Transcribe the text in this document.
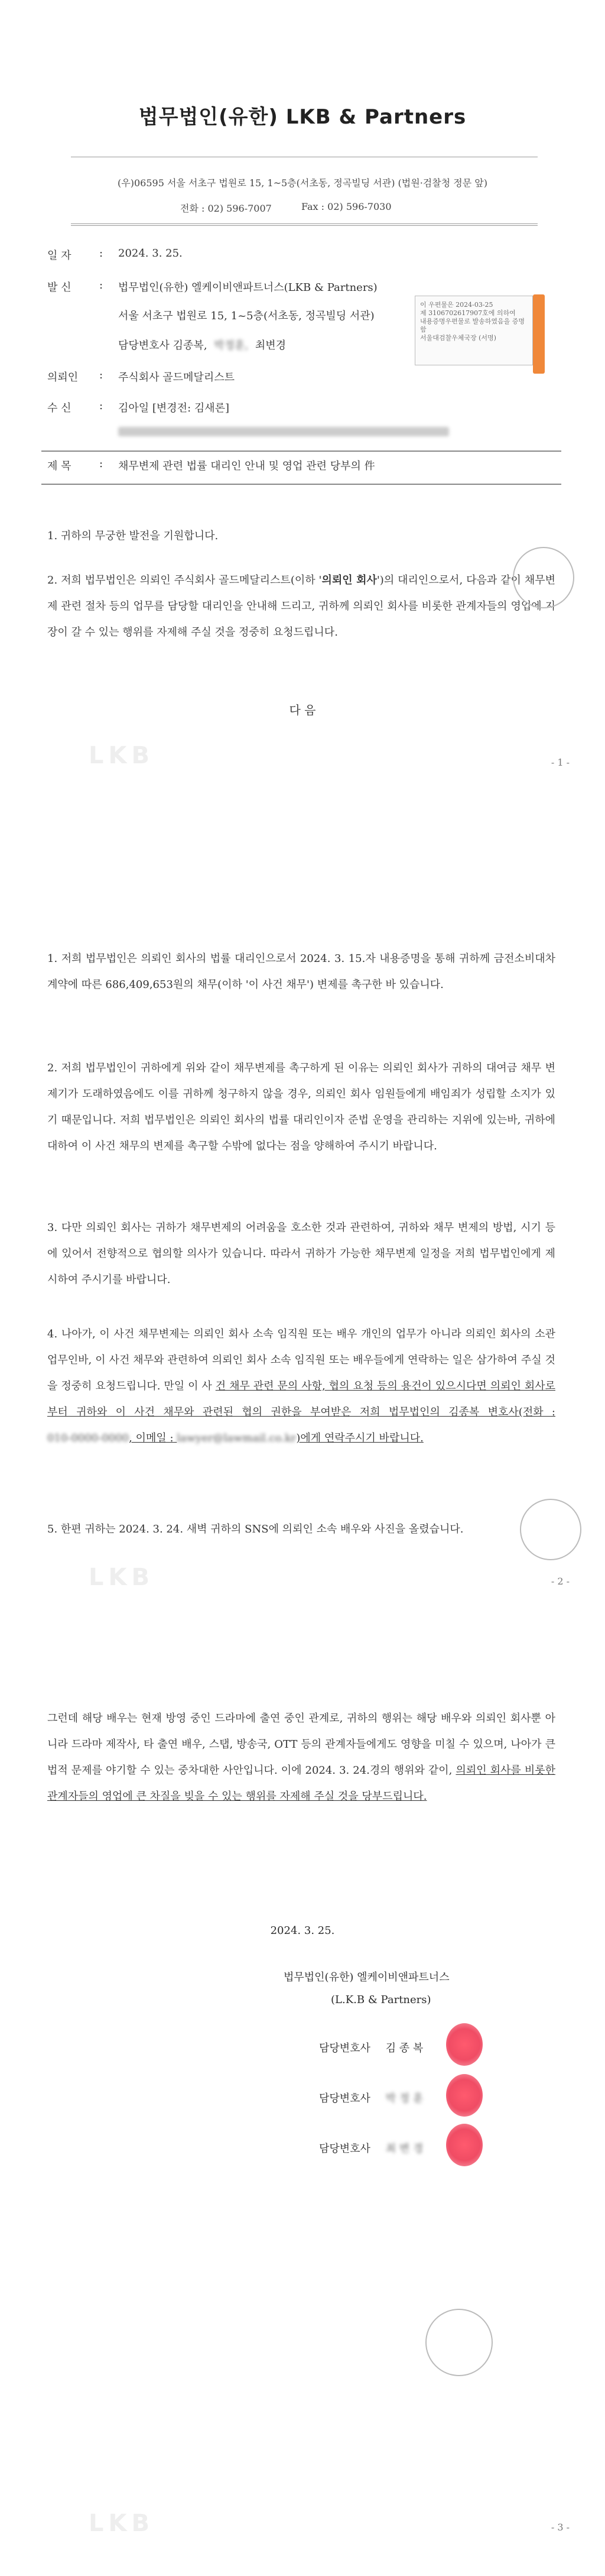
법무법인(유한) LKB & Partners
(우)06595 서울 서초구 법원로 15, 1~5층(서초동, 정곡빌딩 서관) (법원·검찰청 정문 앞)
전화 : 02) 596-7007	Fax : 02) 596-7030
일 자	: 2024. 3. 25.
발 신	: 법무법인(유한) 엘케이비앤파트너스(LKB & Partners)
서울 서초구 법원로 15, 1~5층(서초동, 정곡빌딩 서관)
담당변호사 김종복, 박정훈, 최변경
의뢰인	: 주식회사 골드메달리스트
수 신	: 김아일 [변경전: 김새론]
제 목	: 채무변제 관련 법률 대리인 안내 및 영업 관련 당부의 件
이 우편물은 2024-03-25
제 3106702617907호에 의하여
내용증명우편물로 발송하였음을 증명함
서울대검찰우체국장 (서명)
1. 귀하의 무궁한 발전을 기원합니다.
2. 저희 법무법인은 의뢰인 주식회사 골드메달리스트(이하 '의뢰인 회사')의 대리인으로서, 다음과 같이 채무변제 관련 절차 등의 업무를 담당할 대리인을 안내해 드리고, 귀하께 의뢰인 회사를 비롯한 관계자들의 영업에 지장이 갈 수 있는 행위를 자제해 주실 것을 정중히 요청드립니다.
다 음
LKB	- 1 -
1. 저희 법무법인은 의뢰인 회사의 법률 대리인으로서 2024. 3. 15.자 내용증명을 통해 귀하께 금전소비대차계약에 따른 686,409,653원의 채무(이하 '이 사건 채무') 변제를 촉구한 바 있습니다.
2. 저희 법무법인이 귀하에게 위와 같이 채무변제를 촉구하게 된 이유는 의뢰인 회사가 귀하의 대여금 채무 변제기가 도래하였음에도 이를 귀하께 청구하지 않을 경우, 의뢰인 회사 임원들에게 배임죄가 성립할 소지가 있기 때문입니다. 저희 법무법인은 의뢰인 회사의 법률 대리인이자 준법 운영을 관리하는 지위에 있는바, 귀하에 대하여 이 사건 채무의 변제를 촉구할 수밖에 없다는 점을 양해하여 주시기 바랍니다.
3. 다만 의뢰인 회사는 귀하가 채무변제의 어려움을 호소한 것과 관련하여, 귀하와 채무 변제의 방법, 시기 등에 있어서 전향적으로 협의할 의사가 있습니다. 따라서 귀하가 가능한 채무변제 일정을 저희 법무법인에게 제시하여 주시기를 바랍니다.
4. 나아가, 이 사건 채무변제는 의뢰인 회사 소속 임직원 또는 배우 개인의 업무가 아니라 의뢰인 회사의 소관 업무인바, 이 사건 채무와 관련하여 의뢰인 회사 소속 임직원 또는 배우들에게 연락하는 일은 삼가하여 주실 것을 정중히 요청드립니다. 만일 이 사 건 채무 관련 문의 사항, 협의 요청 등의 용건이 있으시다면 의뢰인 회사로부터 귀하와 이 사건 채무와 관련된 협의 권한을 부여받은 저희 법무법인의 김종복 변호사(전화 : 010-0000-0000, 이메일 : lawyer@lawmail.co.kr)에게 연락주시기 바랍니다.
5. 한편 귀하는 2024. 3. 24. 새벽 귀하의 SNS에 의뢰인 소속 배우와 사진을 올렸습니다.
LKB	- 2 -
그런데 해당 배우는 현재 방영 중인 드라마에 출연 중인 관계로, 귀하의 행위는 해당 배우와 의뢰인 회사뿐 아니라 드라마 제작사, 타 출연 배우, 스탭, 방송국, OTT 등의 관계자들에게도 영향을 미칠 수 있으며, 나아가 큰 법적 문제를 야기할 수 있는 중차대한 사안입니다. 이에 2024. 3. 24.경의 행위와 같이, 의뢰인 회사를 비롯한 관계자들의 영업에 큰 차질을 빚을 수 있는 행위를 자제해 주실 것을 당부드립니다.
2024. 3. 25.
법무법인(유한) 엘케이비앤파트너스
(L.K.B & Partners)
담당변호사 김 종 복
담당변호사 박 정 훈
담당변호사 최 변 경
LKB	- 3 -
